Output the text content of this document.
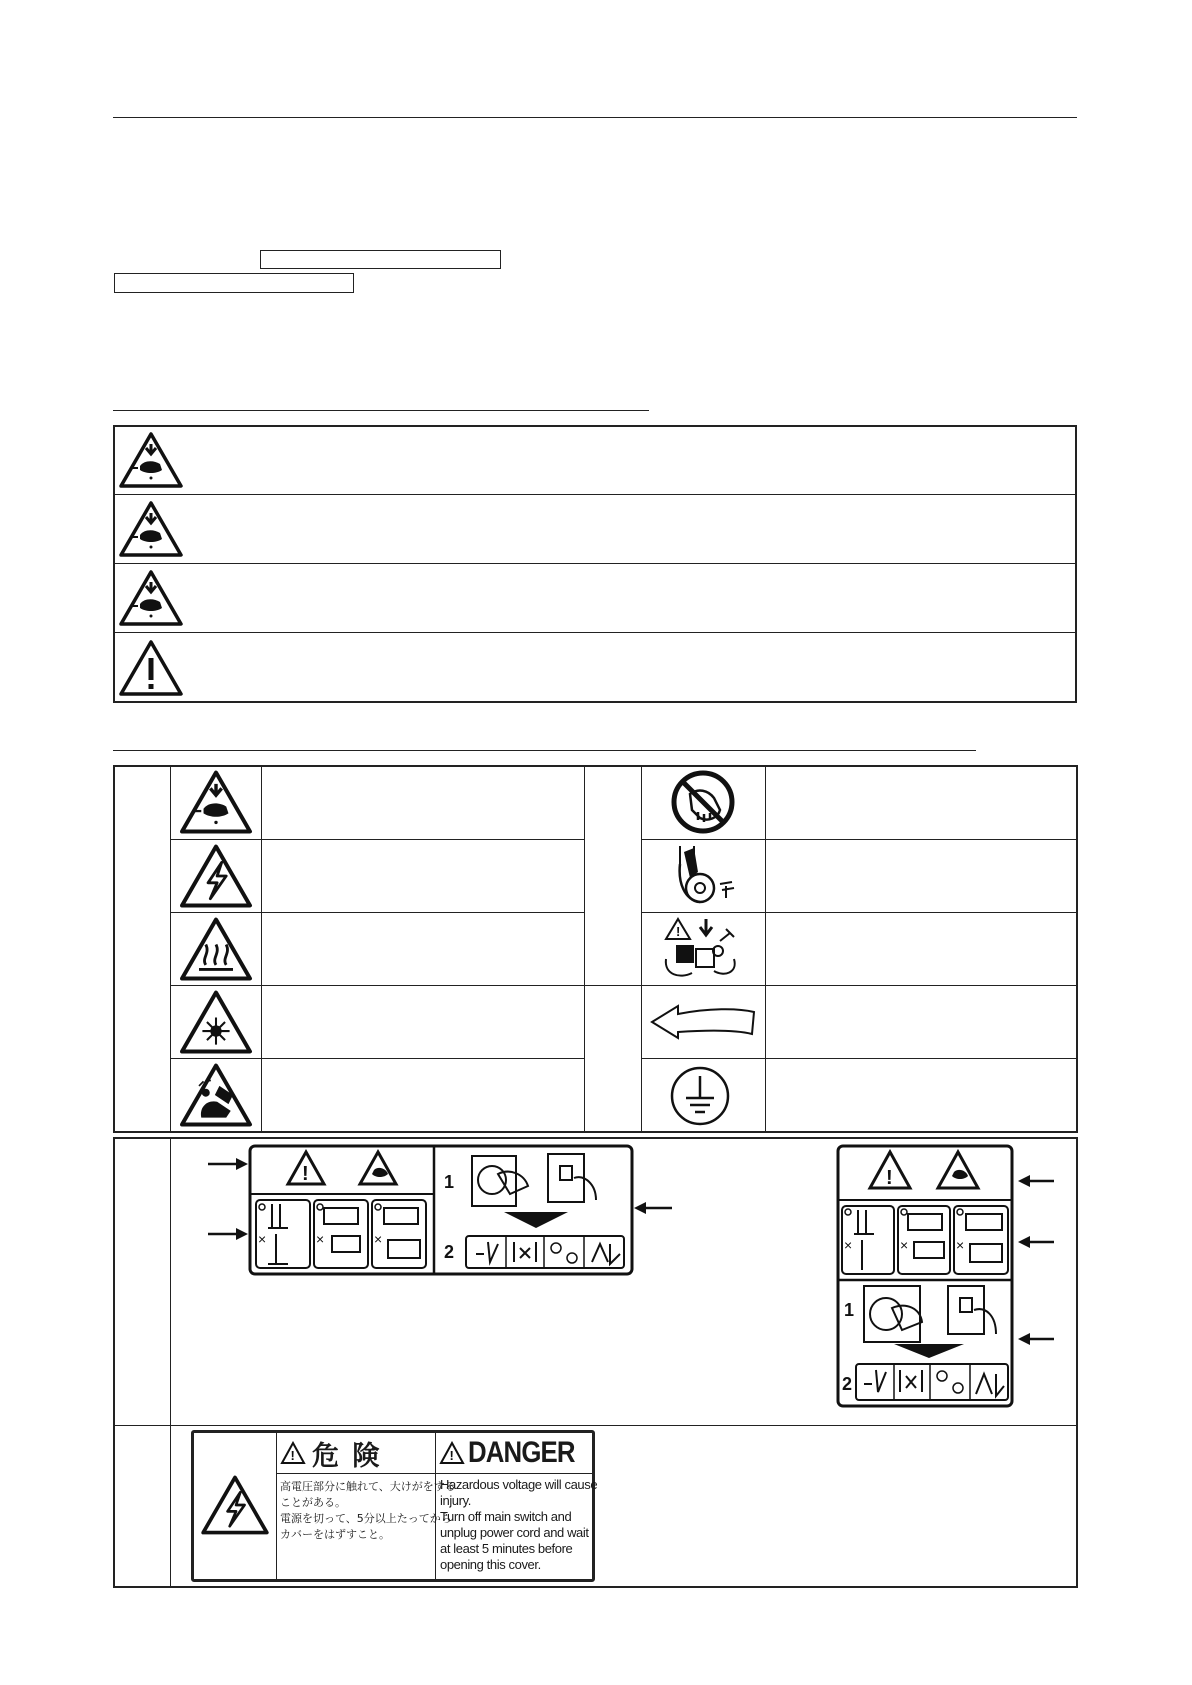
!
!
×	×	×
1
2
!
×	×	×
1
2
! 危 険
高電圧部分に触れて、大けがをする
ことがある。
電源を切って、5分以上たってから
カバーをはずすこと。
! DANGER
Hazardous voltage will cause
injury.
Turn off main switch and
unplug power cord and wait
at least 5 minutes before
opening this cover.
